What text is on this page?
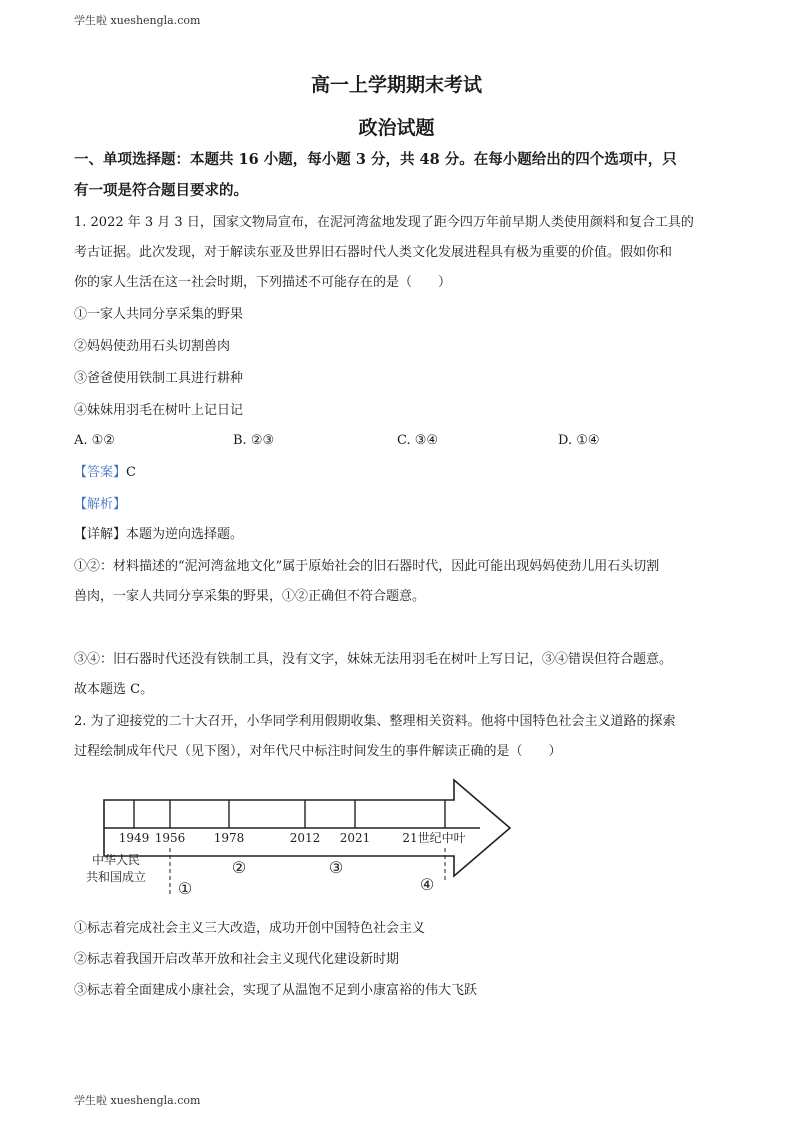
学生啦 xueshengla.com
高一上学期期末考试
政治试题
一、单项选择题：本题共 16 小题，每小题 3 分，共 48 分。在每小题给出的四个选项中，只
有一项是符合题目要求的。
1. 2022 年 3 月 3 日，国家文物局宣布，在泥河湾盆地发现了距今四万年前早期人类使用颜料和复合工具的
考古证据。此次发现，对于解读东亚及世界旧石器时代人类文化发展进程具有极为重要的价值。假如你和
你的家人生活在这一社会时期，下列描述不可能存在的是（　　）
①一家人共同分享采集的野果
②妈妈使劲用石头切割兽肉
③爸爸使用铁制工具进行耕种
④妹妹用羽毛在树叶上记日记
A. ①②	B. ②③	C. ③④	D. ①④
【答案】C
【解析】
【详解】本题为逆向选择题。
①②：材料描述的“泥河湾盆地文化”属于原始社会的旧石器时代，因此可能出现妈妈使劲儿用石头切割
兽肉，一家人共同分享采集的野果，①②正确但不符合题意。
③④：旧石器时代还没有铁制工具，没有文字，妹妹无法用羽毛在树叶上写日记，③④错误但符合题意。
故本题选 C。
2. 为了迎接党的二十大召开，小华同学利用假期收集、整理相关资料。他将中国特色社会主义道路的探索
过程绘制成年代尺（见下图），对年代尺中标注时间发生的事件解读正确的是（　　）
1949 1956 1978	2012 2021	21世纪中叶
中华人民
共和国成立
①
②	③
④
①标志着完成社会主义三大改造，成功开创中国特色社会主义
②标志着我国开启改革开放和社会主义现代化建设新时期
③标志着全面建成小康社会，实现了从温饱不足到小康富裕的伟大飞跃
学生啦 xueshengla.com
